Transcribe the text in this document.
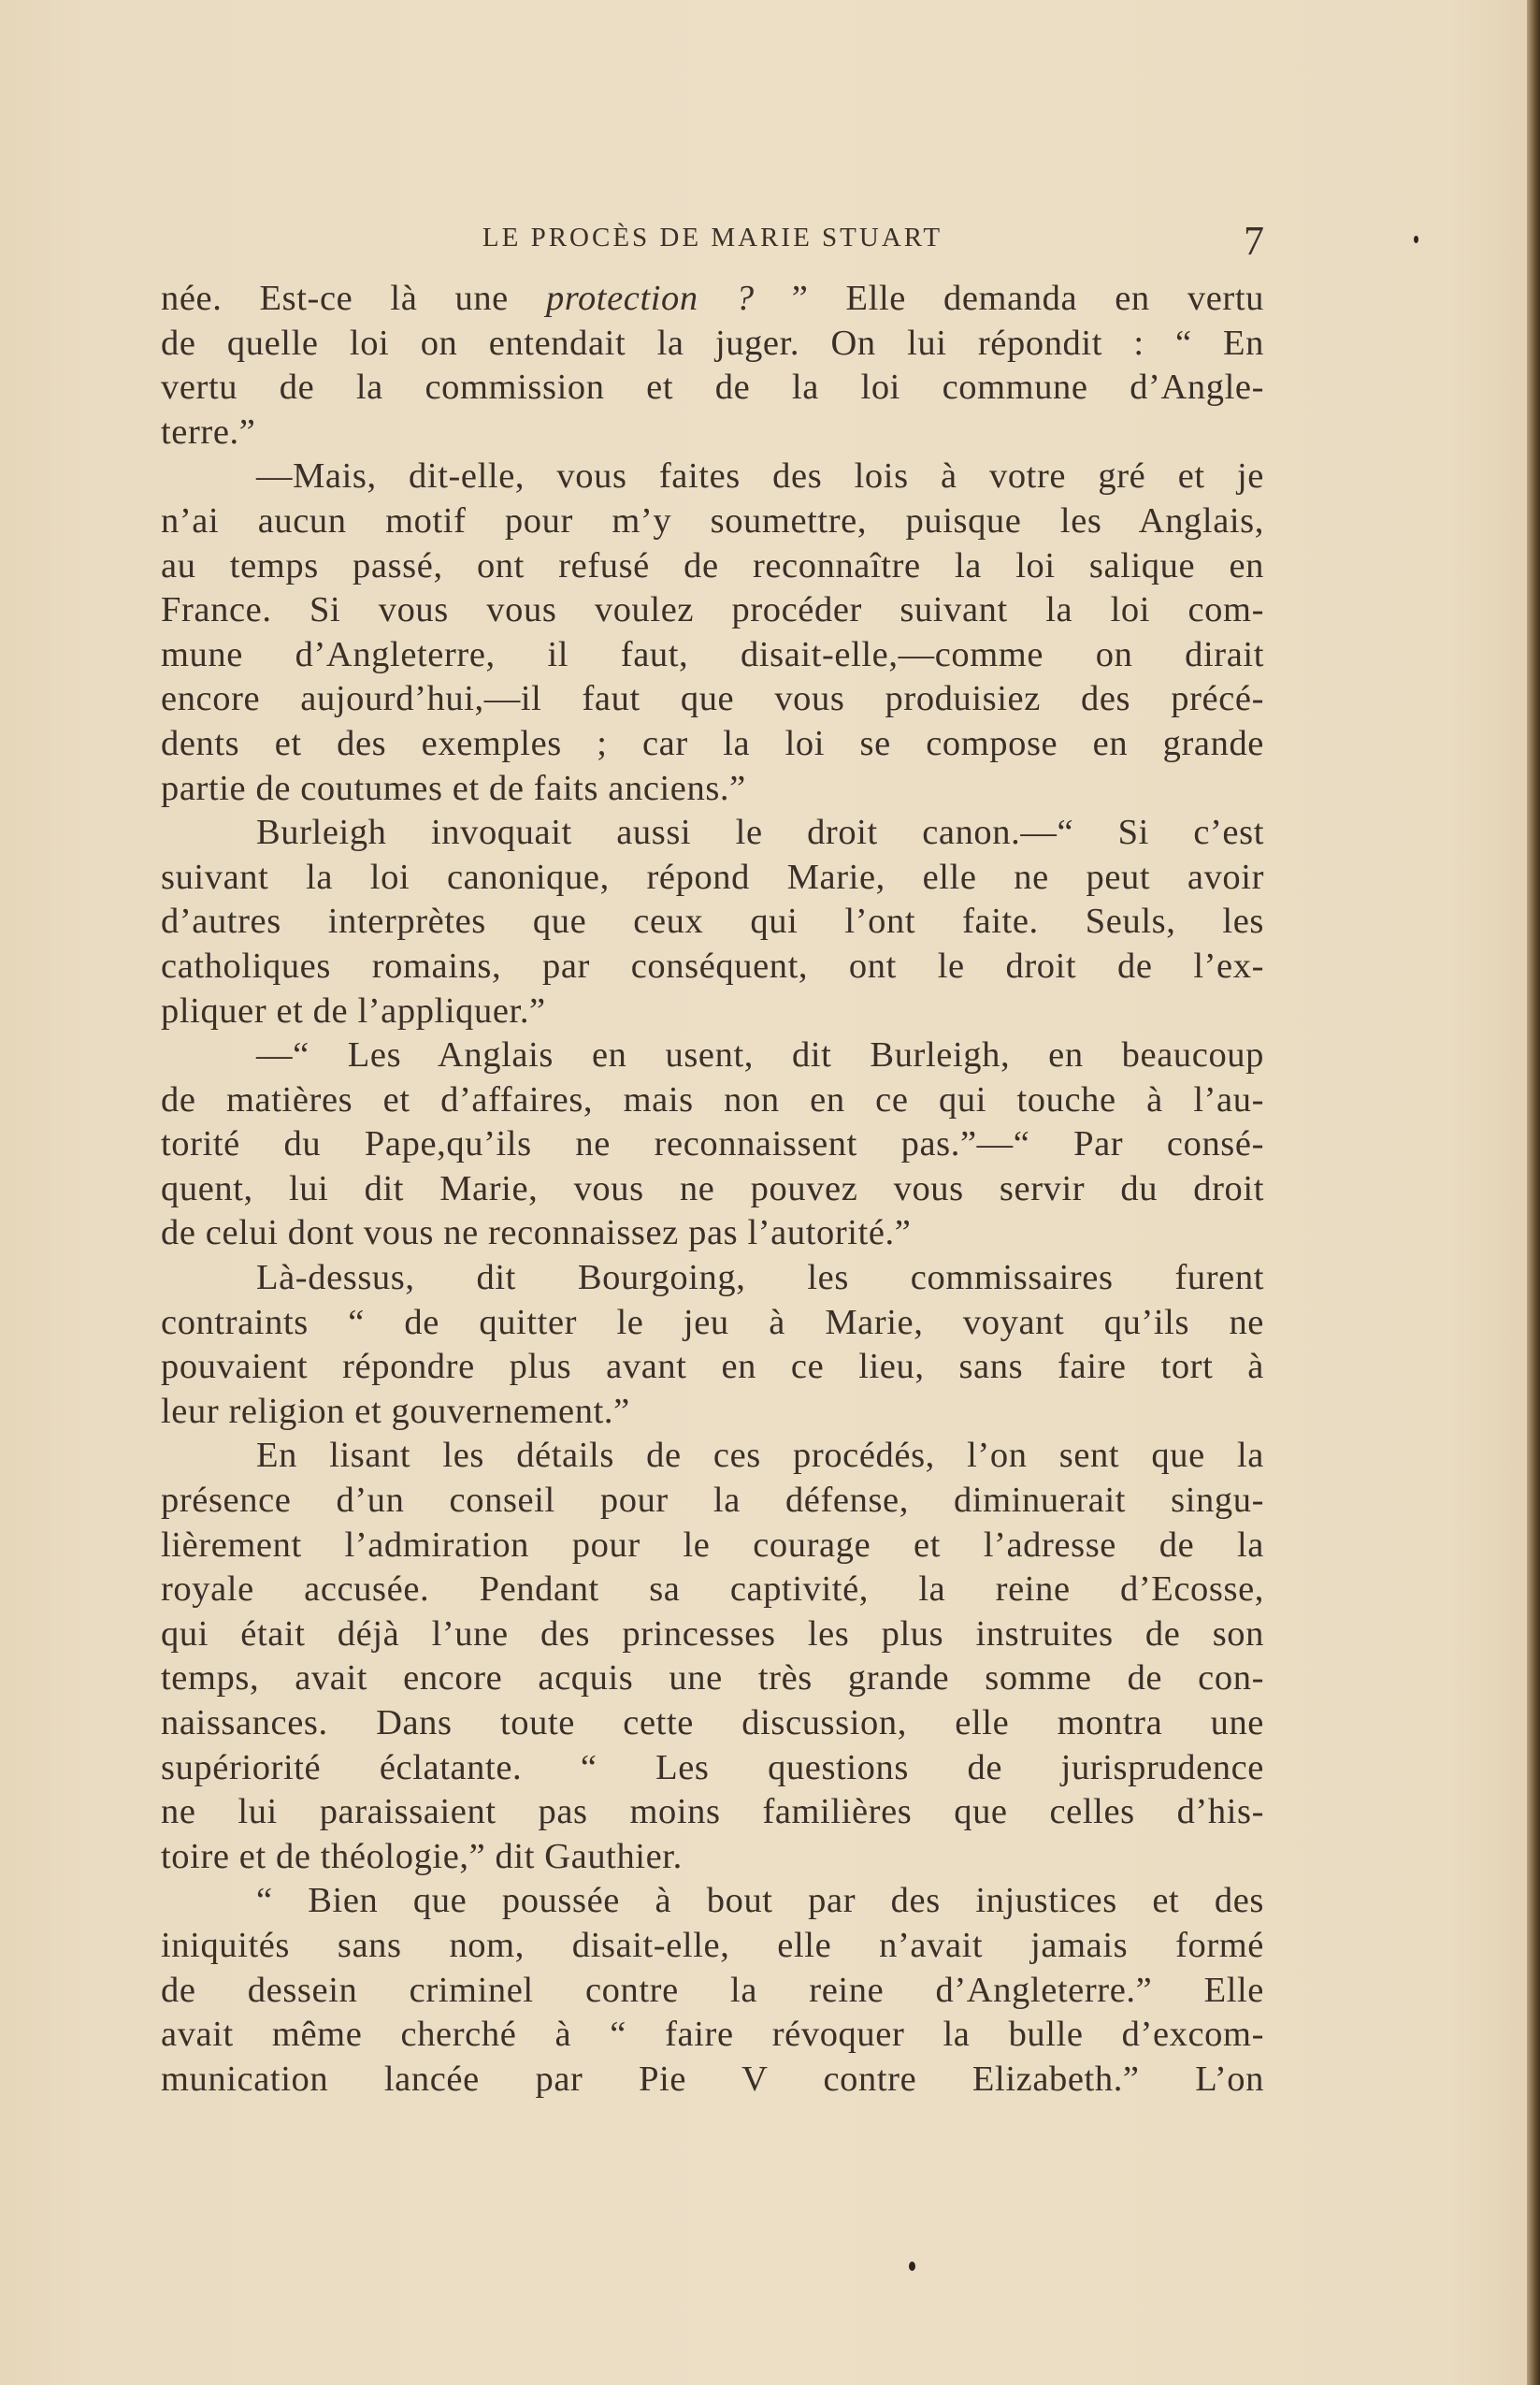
LE PROCÈS DE MARIE STUART	7
née. Est-ce là une protection ? ” Elle demanda en vertu
de quelle loi on entendait la juger. On lui répondit : “ En
vertu de la commission et de la loi commune d’Angle-
terre.”
—Mais, dit-elle, vous faites des lois à votre gré et je
n’ai aucun motif pour m’y soumettre, puisque les Anglais,
au temps passé, ont refusé de reconnaître la loi salique en
France. Si vous vous voulez procéder suivant la loi com-
mune d’Angleterre, il faut, disait-elle,—comme on dirait
encore aujourd’hui,—il faut que vous produisiez des précé-
dents et des exemples ; car la loi se compose en grande
partie de coutumes et de faits anciens.”
Burleigh invoquait aussi le droit canon.—“ Si c’est
suivant la loi canonique, répond Marie, elle ne peut avoir
d’autres interprètes que ceux qui l’ont faite. Seuls, les
catholiques romains, par conséquent, ont le droit de l’ex-
pliquer et de l’appliquer.”
—“ Les Anglais en usent, dit Burleigh, en beaucoup
de matières et d’affaires, mais non en ce qui touche à l’au-
torité du Pape,qu’ils ne reconnaissent pas.”—“ Par consé-
quent, lui dit Marie, vous ne pouvez vous servir du droit
de celui dont vous ne reconnaissez pas l’autorité.”
Là-dessus, dit Bourgoing, les commissaires furent
contraints “ de quitter le jeu à Marie, voyant qu’ils ne
pouvaient répondre plus avant en ce lieu, sans faire tort à
leur religion et gouvernement.”
En lisant les détails de ces procédés, l’on sent que la
présence d’un conseil pour la défense, diminuerait singu-
lièrement l’admiration pour le courage et l’adresse de la
royale accusée. Pendant sa captivité, la reine d’Ecosse,
qui était déjà l’une des princesses les plus instruites de son
temps, avait encore acquis une très grande somme de con-
naissances. Dans toute cette discussion, elle montra une
supériorité éclatante. “ Les questions de jurisprudence
ne lui paraissaient pas moins familières que celles d’his-
toire et de théologie,” dit Gauthier.
“ Bien que poussée à bout par des injustices et des
iniquités sans nom, disait-elle, elle n’avait jamais formé
de dessein criminel contre la reine d’Angleterre.” Elle
avait même cherché à “ faire révoquer la bulle d’excom-
munication lancée par Pie V contre Elizabeth.” L’on
